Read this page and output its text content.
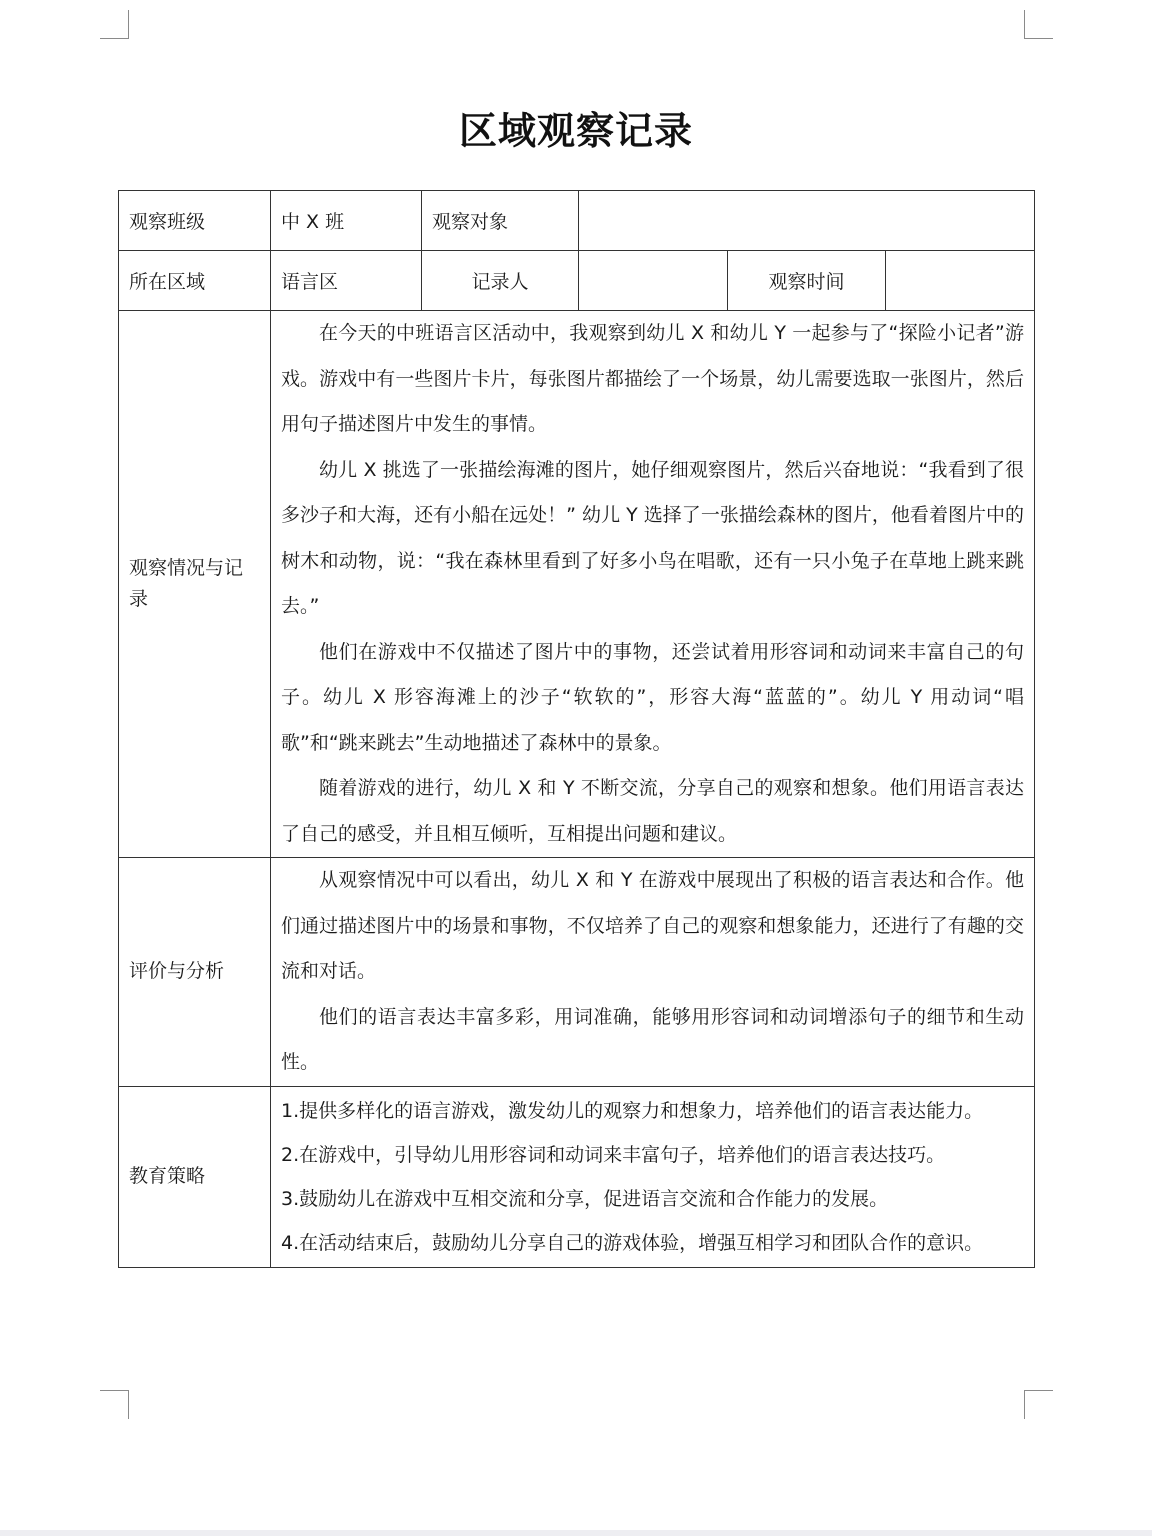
区域观察记录
观察班级	中 X 班	观察对象			
所在区域	语言区	记录人		观察时间	
观察情况与记录	在今天的中班语言区活动中，我观察到幼儿 X 和幼儿 Y 一起参与了“探险小记者”游戏。游戏中有一些图片卡片，每张图片都描绘了一个场景，幼儿需要选取一张图片，然后用句子描述图片中发生的事情。

幼儿 X 挑选了一张描绘海滩的图片，她仔细观察图片，然后兴奋地说：“我看到了很多沙子和大海，还有小船在远处！” 幼儿 Y 选择了一张描绘森林的图片，他看着图片中的树木和动物，说：“我在森林里看到了好多小鸟在唱歌，还有一只小兔子在草地上跳来跳去。”

他们在游戏中不仅描述了图片中的事物，还尝试着用形容词和动词来丰富自己的句子。幼儿 X 形容海滩上的沙子“软软的”，形容大海“蓝蓝的”。幼儿 Y 用动词“唱歌”和“跳来跳去”生动地描述了森林中的景象。

随着游戏的进行，幼儿 X 和 Y 不断交流，分享自己的观察和想象。他们用语言表达了自己的感受，并且相互倾听，互相提出问题和建议。				

评价与分析	从观察情况中可以看出，幼儿 X 和 Y 在游戏中展现出了积极的语言表达和合作。他们通过描述图片中的场景和事物，不仅培养了自己的观察和想象能力，还进行了有趣的交流和对话。

他们的语言表达丰富多彩，用词准确，能够用形容词和动词增添句子的细节和生动性。				

教育策略	1.提供多样化的语言游戏，激发幼儿的观察力和想象力，培养他们的语言表达能力。

2.在游戏中，引导幼儿用形容词和动词来丰富句子，培养他们的语言表达技巧。

3.鼓励幼儿在游戏中互相交流和分享，促进语言交流和合作能力的发展。

4.在活动结束后，鼓励幼儿分享自己的游戏体验，增强互相学习和团队合作的意识。				
